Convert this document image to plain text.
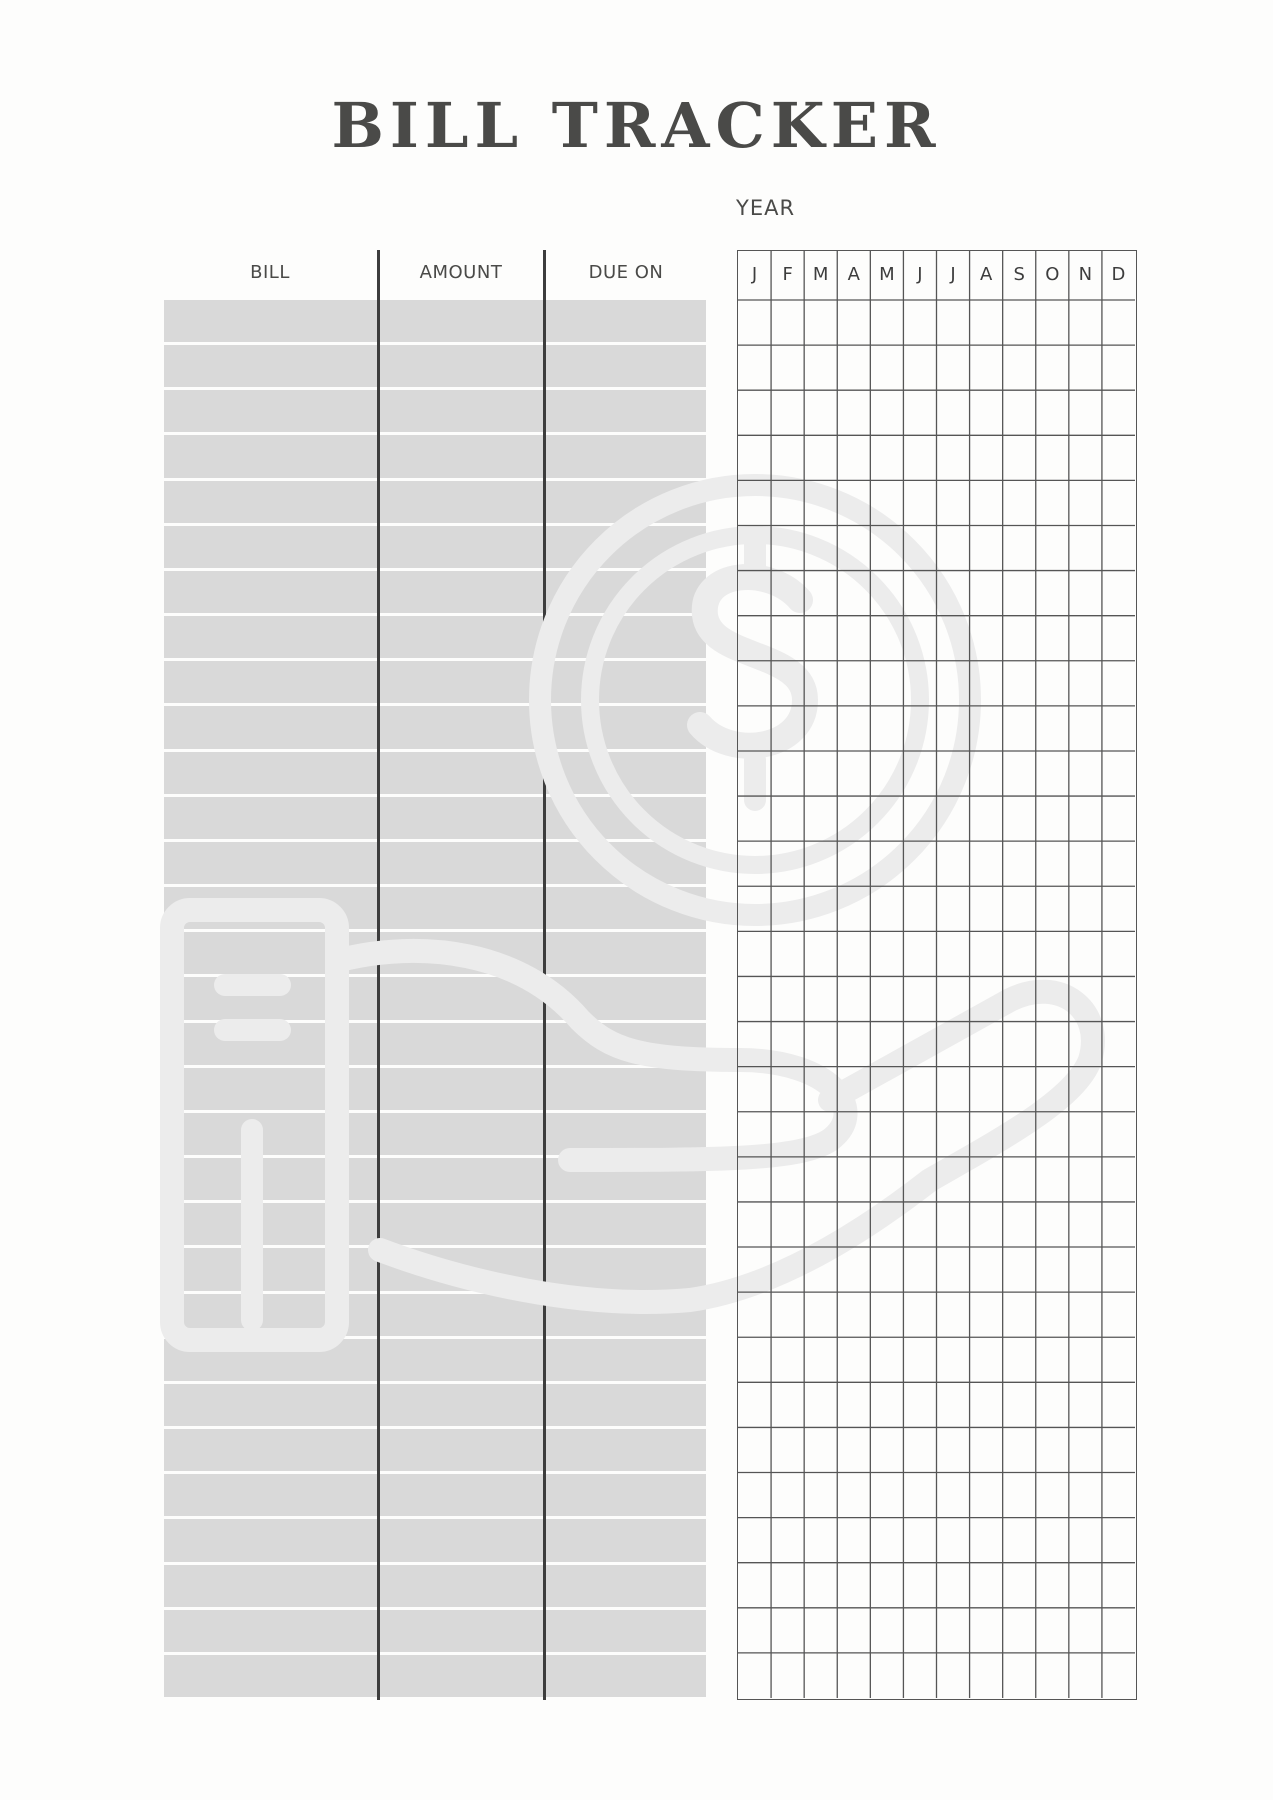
BILL TRACKER
YEAR
BILL	AMOUNT	DUE ON	J	F	M	A	M	J	J	A	S	O	N	D
